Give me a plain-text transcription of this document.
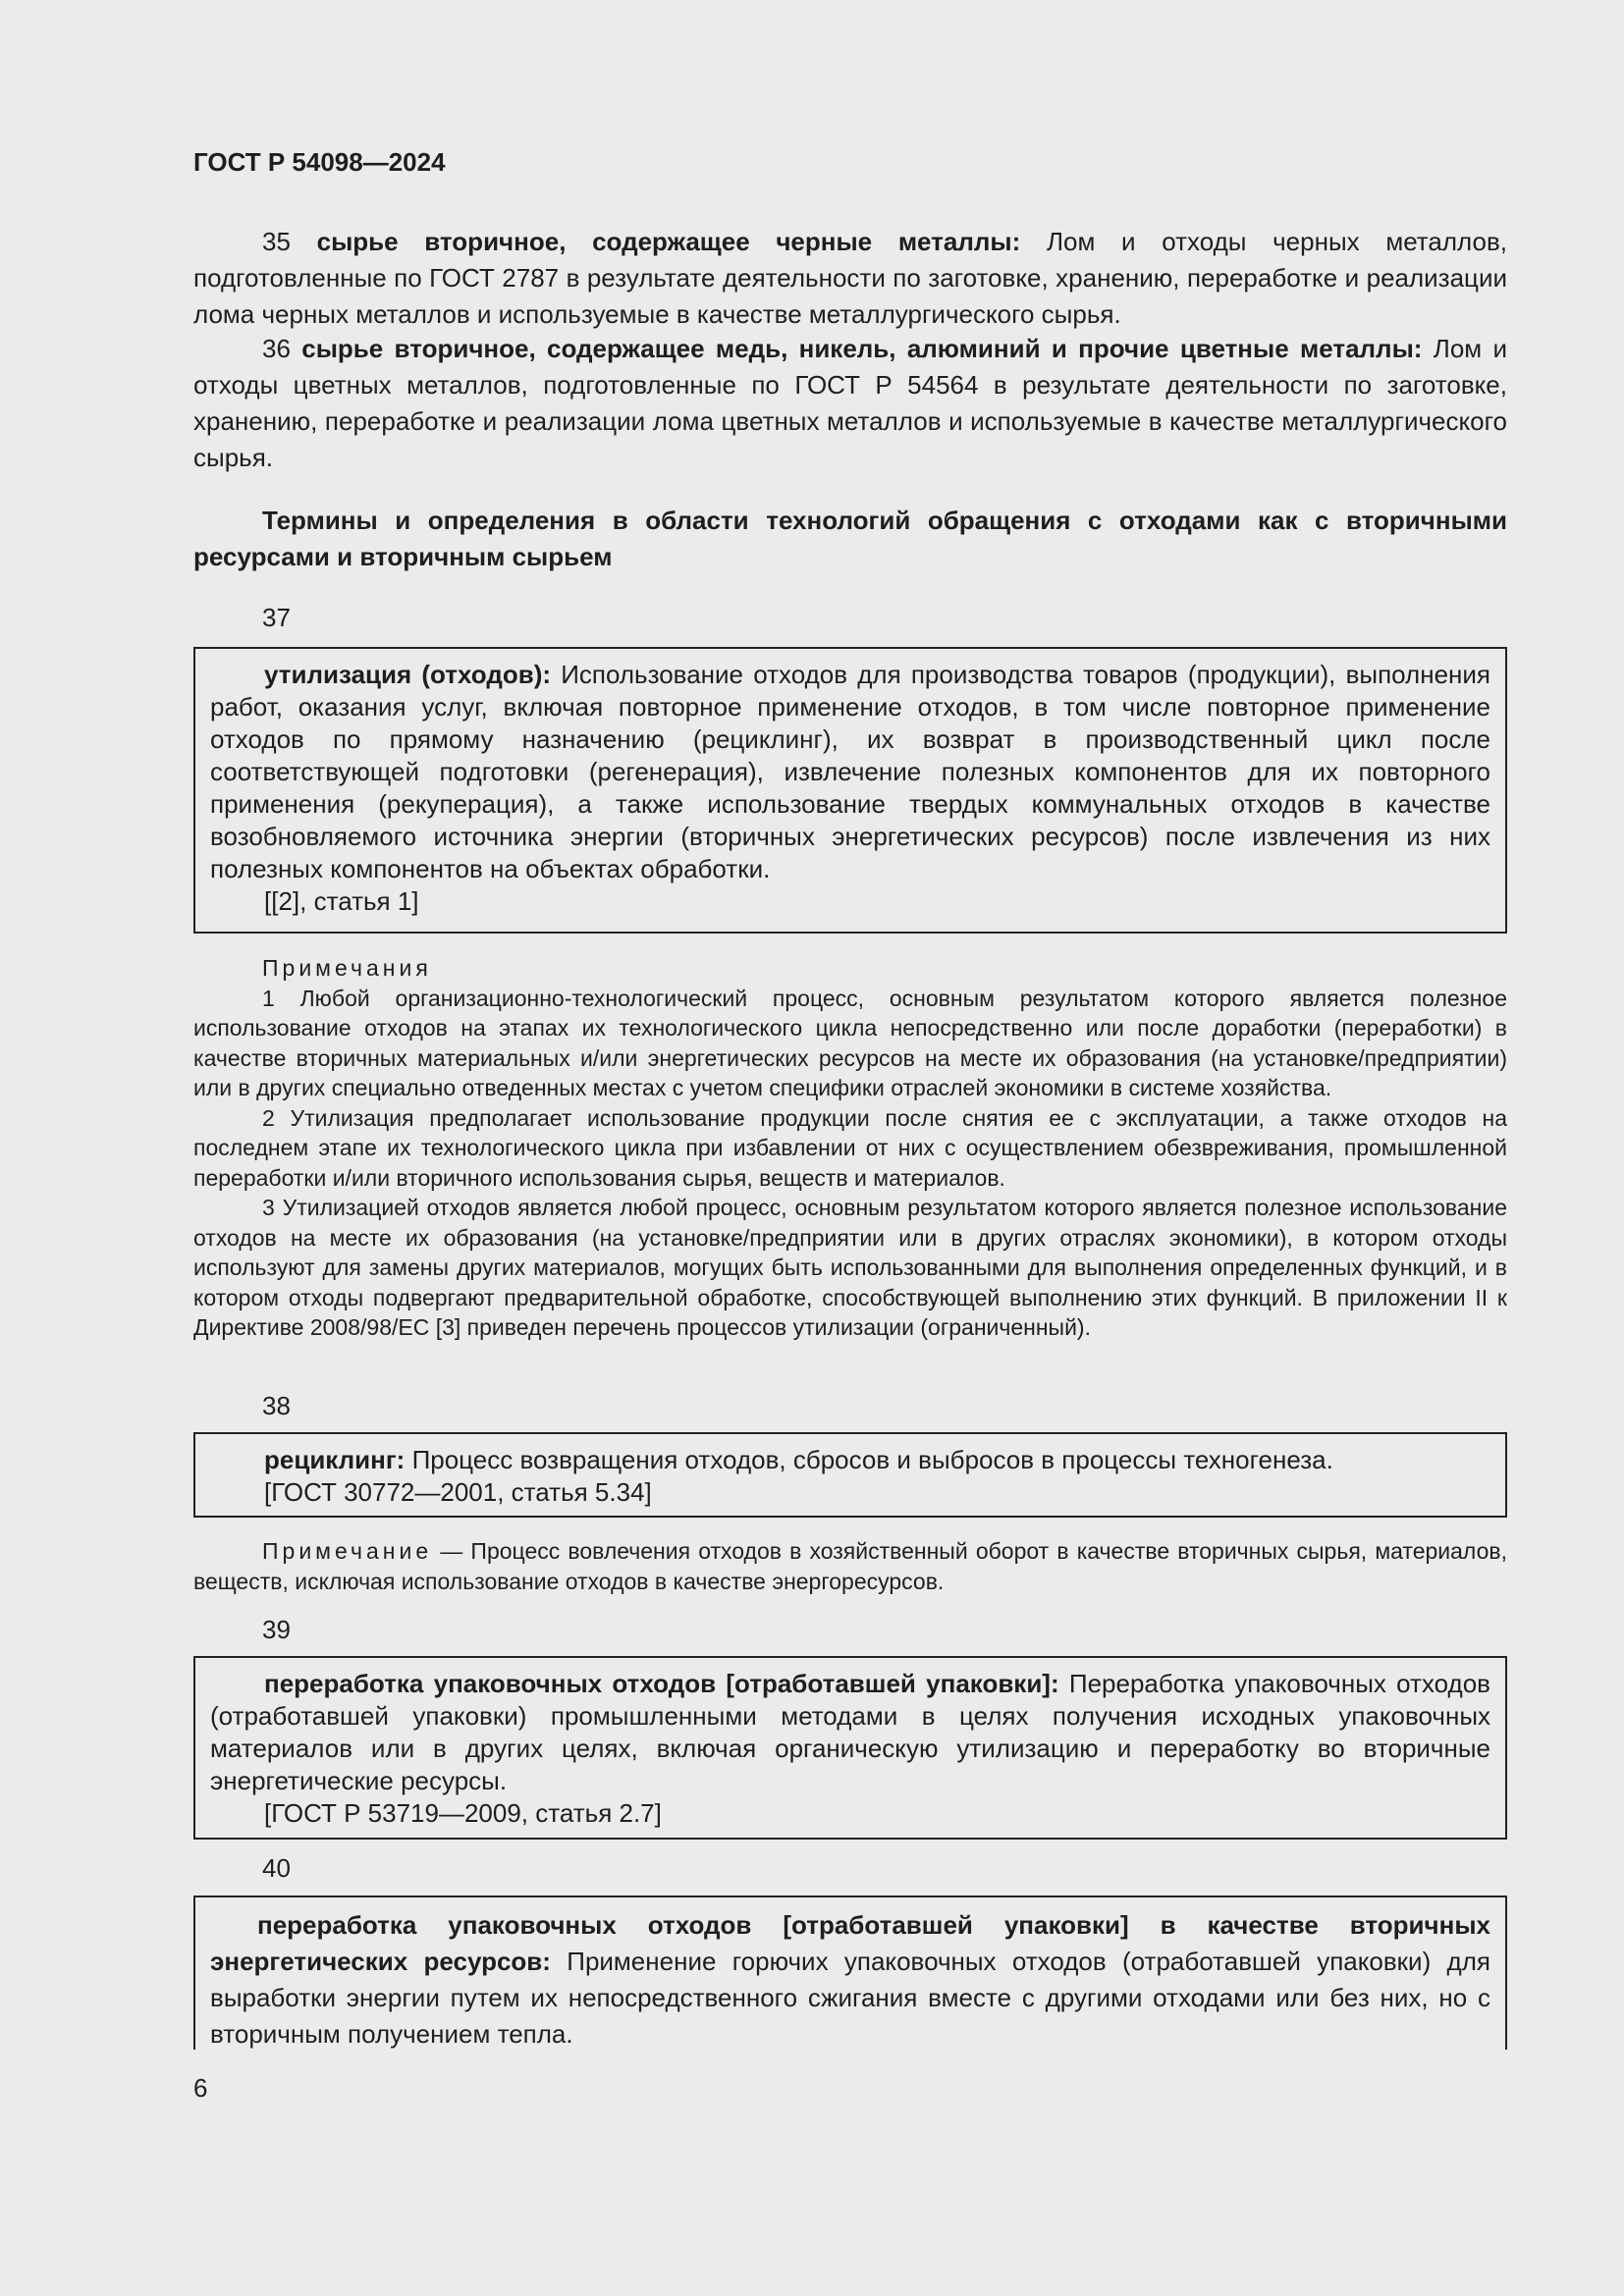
ГОСТ Р 54098—2024

35 сырье вторичное, содержащее черные металлы: Лом и отходы черных металлов, подготовленные по ГОСТ 2787 в результате деятельности по заготовке, хранению, переработке и реализации лома черных металлов и используемые в качестве металлургического сырья.

36 сырье вторичное, содержащее медь, никель, алюминий и прочие цветные металлы: Лом и отходы цветных металлов, подготовленные по ГОСТ Р 54564 в результате деятельности по заготовке, хранению, переработке и реализации лома цветных металлов и используемые в качестве металлургического сырья.

Термины и определения в области технологий обращения с отходами как с вторичными ресурсами и вторичным сырьем

37

утилизация (отходов): Использование отходов для производства товаров (продукции), выполнения работ, оказания услуг, включая повторное применение отходов, в том числе повторное применение отходов по прямому назначению (рециклинг), их возврат в производственный цикл после соответствующей подготовки (регенерация), извлечение полезных компонентов для их повторного применения (рекуперация), а также использование твердых коммунальных отходов в качестве возобновляемого источника энергии (вторичных энергетических ресурсов) после извлечения из них полезных компонентов на объектах обработки.

[[2], статья 1]

Примечания

1 Любой организационно-технологический процесс, основным результатом которого является полезное использование отходов на этапах их технологического цикла непосредственно или после доработки (переработки) в качестве вторичных материальных и/или энергетических ресурсов на месте их образования (на установке/предприятии) или в других специально отведенных местах с учетом специфики отраслей экономики в системе хозяйства.

2 Утилизация предполагает использование продукции после снятия ее с эксплуатации, а также отходов на последнем этапе их технологического цикла при избавлении от них с осуществлением обезвреживания, промышленной переработки и/или вторичного использования сырья, веществ и материалов.

3 Утилизацией отходов является любой процесс, основным результатом которого является полезное использование отходов на месте их образования (на установке/предприятии или в других отраслях экономики), в котором отходы используют для замены других материалов, могущих быть использованными для выполнения определенных функций, и в котором отходы подвергают предварительной обработке, способствующей выполнению этих функций. В приложении II к Директиве 2008/98/ЕС [3] приведен перечень процессов утилизации (ограниченный).

38

рециклинг: Процесс возвращения отходов, сбросов и выбросов в процессы техногенеза.

[ГОСТ 30772—2001, статья 5.34]

Примечание — Процесс вовлечения отходов в хозяйственный оборот в качестве вторичных сырья, материалов, веществ, исключая использование отходов в качестве энергоресурсов.

39

переработка упаковочных отходов [отработавшей упаковки]: Переработка упаковочных отходов (отработавшей упаковки) промышленными методами в целях получения исходных упаковочных материалов или в других целях, включая органическую утилизацию и переработку во вторичные энергетические ресурсы.

[ГОСТ Р 53719—2009, статья 2.7]

40

переработка упаковочных отходов [отработавшей упаковки] в качестве вторичных энергетических ресурсов: Применение горючих упаковочных отходов (отработавшей упаковки) для выработки энергии путем их непосредственного сжигания вместе с другими отходами или без них, но с вторичным получением тепла.

6
